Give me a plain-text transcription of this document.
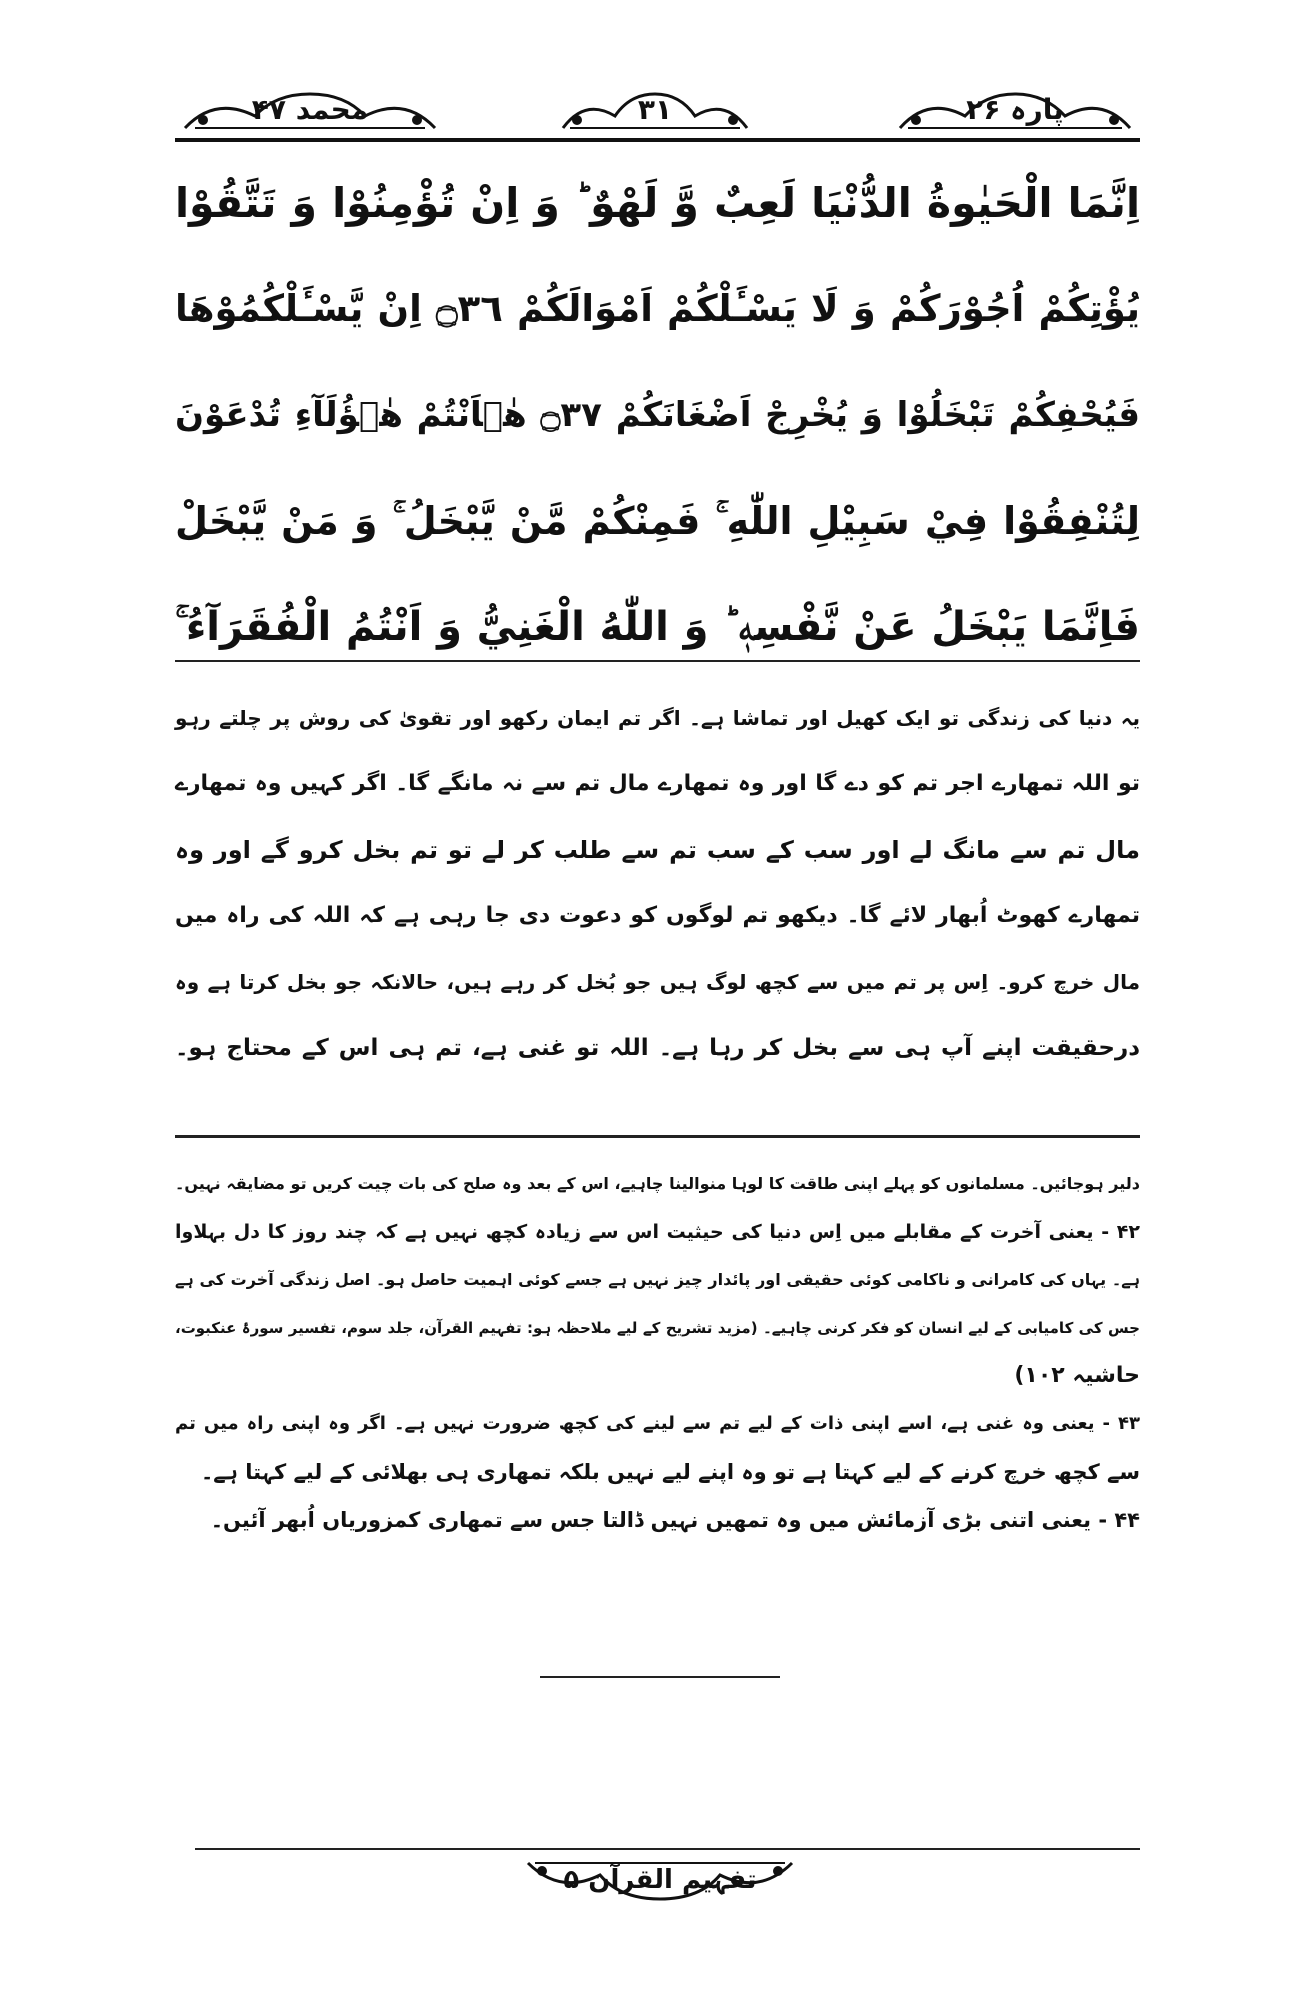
محمد ۴۷	۳۱	پارہ ۲۶
اِنَّمَا الْحَيٰوةُ الدُّنْيَا لَعِبٌ وَّ لَهْوٌ ؕ وَ اِنْ تُؤْمِنُوْا وَ تَتَّقُوْا
يُؤْتِكُمْ اُجُوْرَكُمْ وَ لَا يَسْـَٔلْكُمْ اَمْوَالَكُمْ ۝٣٦ اِنْ يَّسْـَٔلْكُمُوْهَا
فَيُحْفِكُمْ تَبْخَلُوْا وَ يُخْرِجْ اَضْغَانَكُمْ ۝٣٧ هٰۤاَنْتُمْ هٰۤؤُلَآءِ تُدْعَوْنَ
لِتُنْفِقُوْا فِيْ سَبِيْلِ اللّٰهِ ۚ فَمِنْكُمْ مَّنْ يَّبْخَلُ ۚ وَ مَنْ يَّبْخَلْ
فَاِنَّمَا يَبْخَلُ عَنْ نَّفْسِهٖ ؕ وَ اللّٰهُ الْغَنِيُّ وَ اَنْتُمُ الْفُقَرَآءُ ۚ
یہ دنیا کی زندگی تو ایک کھیل اور تماشا ہے۔ اگر تم ایمان رکھو اور تقویٰ کی روش پر چلتے رہو
تو اللہ تمھارے اجر تم کو دے گا اور وہ تمھارے مال تم سے نہ مانگے گا۔ اگر کہیں وہ تمھارے
مال تم سے مانگ لے اور سب کے سب تم سے طلب کر لے تو تم بخل کرو گے اور وہ
تمھارے کھوٹ اُبھار لائے گا۔ دیکھو تم لوگوں کو دعوت دی جا رہی ہے کہ اللہ کی راہ میں
مال خرچ کرو۔ اِس پر تم میں سے کچھ لوگ ہیں جو بُخل کر رہے ہیں، حالانکہ جو بخل کرتا ہے وہ
درحقیقت اپنے آپ ہی سے بخل کر رہا ہے۔ اللہ تو غنی ہے، تم ہی اس کے محتاج ہو۔
دلیر ہوجائیں۔ مسلمانوں کو پہلے اپنی طاقت کا لوہا منوالینا چاہیے، اس کے بعد وہ صلح کی بات چیت کریں تو مضایقہ نہیں۔
۴۲ - یعنی آخرت کے مقابلے میں اِس دنیا کی حیثیت اس سے زیادہ کچھ نہیں ہے کہ چند روز کا دل بہلاوا
ہے۔ یہاں کی کامرانی و ناکامی کوئی حقیقی اور پائدار چیز نہیں ہے جسے کوئی اہمیت حاصل ہو۔ اصل زندگی آخرت کی ہے
جس کی کامیابی کے لیے انسان کو فکر کرنی چاہیے۔ (مزید تشریح کے لیے ملاحظہ ہو: تفہیم القرآن، جلد سوم، تفسیر سورۂ عنکبوت،
حاشیہ ۱۰۲)
۴۳ - یعنی وہ غنی ہے، اسے اپنی ذات کے لیے تم سے لینے کی کچھ ضرورت نہیں ہے۔ اگر وہ اپنی راہ میں تم
سے کچھ خرچ کرنے کے لیے کہتا ہے تو وہ اپنے لیے نہیں بلکہ تمھاری ہی بھلائی کے لیے کہتا ہے۔
۴۴ - یعنی اتنی بڑی آزمائش میں وہ تمھیں نہیں ڈالتا جس سے تمھاری کمزوریاں اُبھر آئیں۔
تفہیم القرآن ۵
